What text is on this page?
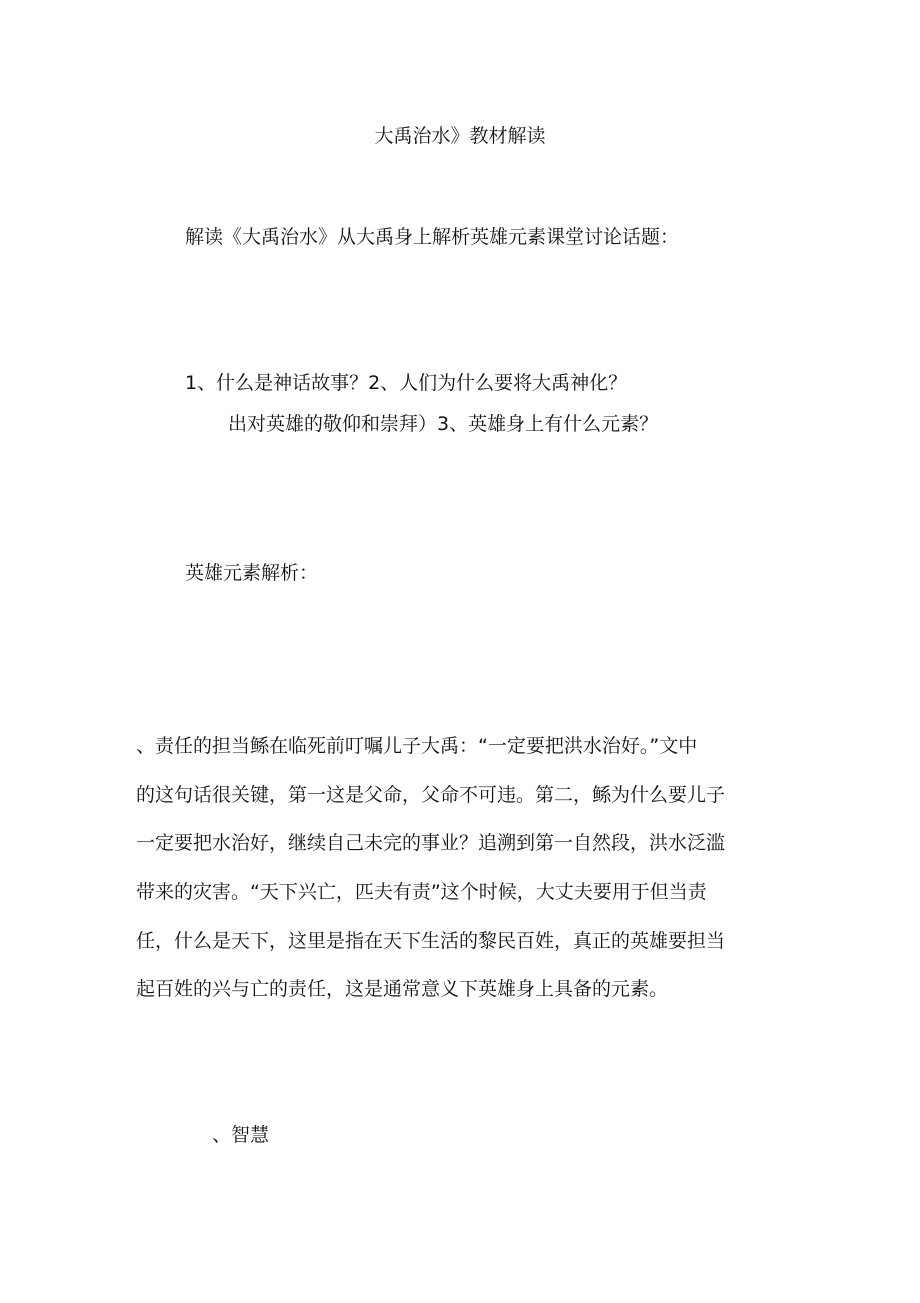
大禹治水》教材解读
解读《大禹治水》从大禹身上解析英雄元素课堂讨论话题：
1、什么是神话故事？2、人们为什么要将大禹神化？
出对英雄的敬仰和崇拜）3、英雄身上有什么元素？
英雄元素解析：
、责任的担当鲧在临死前叮嘱儿子大禹：“一定要把洪水治好。”文中
的这句话很关键，第一这是父命，父命不可违。第二，鲧为什么要儿子
一定要把水治好，继续自己未完的事业？追溯到第一自然段，洪水泛滥
带来的灾害。“天下兴亡，匹夫有责”这个时候，大丈夫要用于但当责
任，什么是天下，这里是指在天下生活的黎民百姓，真正的英雄要担当
起百姓的兴与亡的责任，这是通常意义下英雄身上具备的元素。
、智慧
